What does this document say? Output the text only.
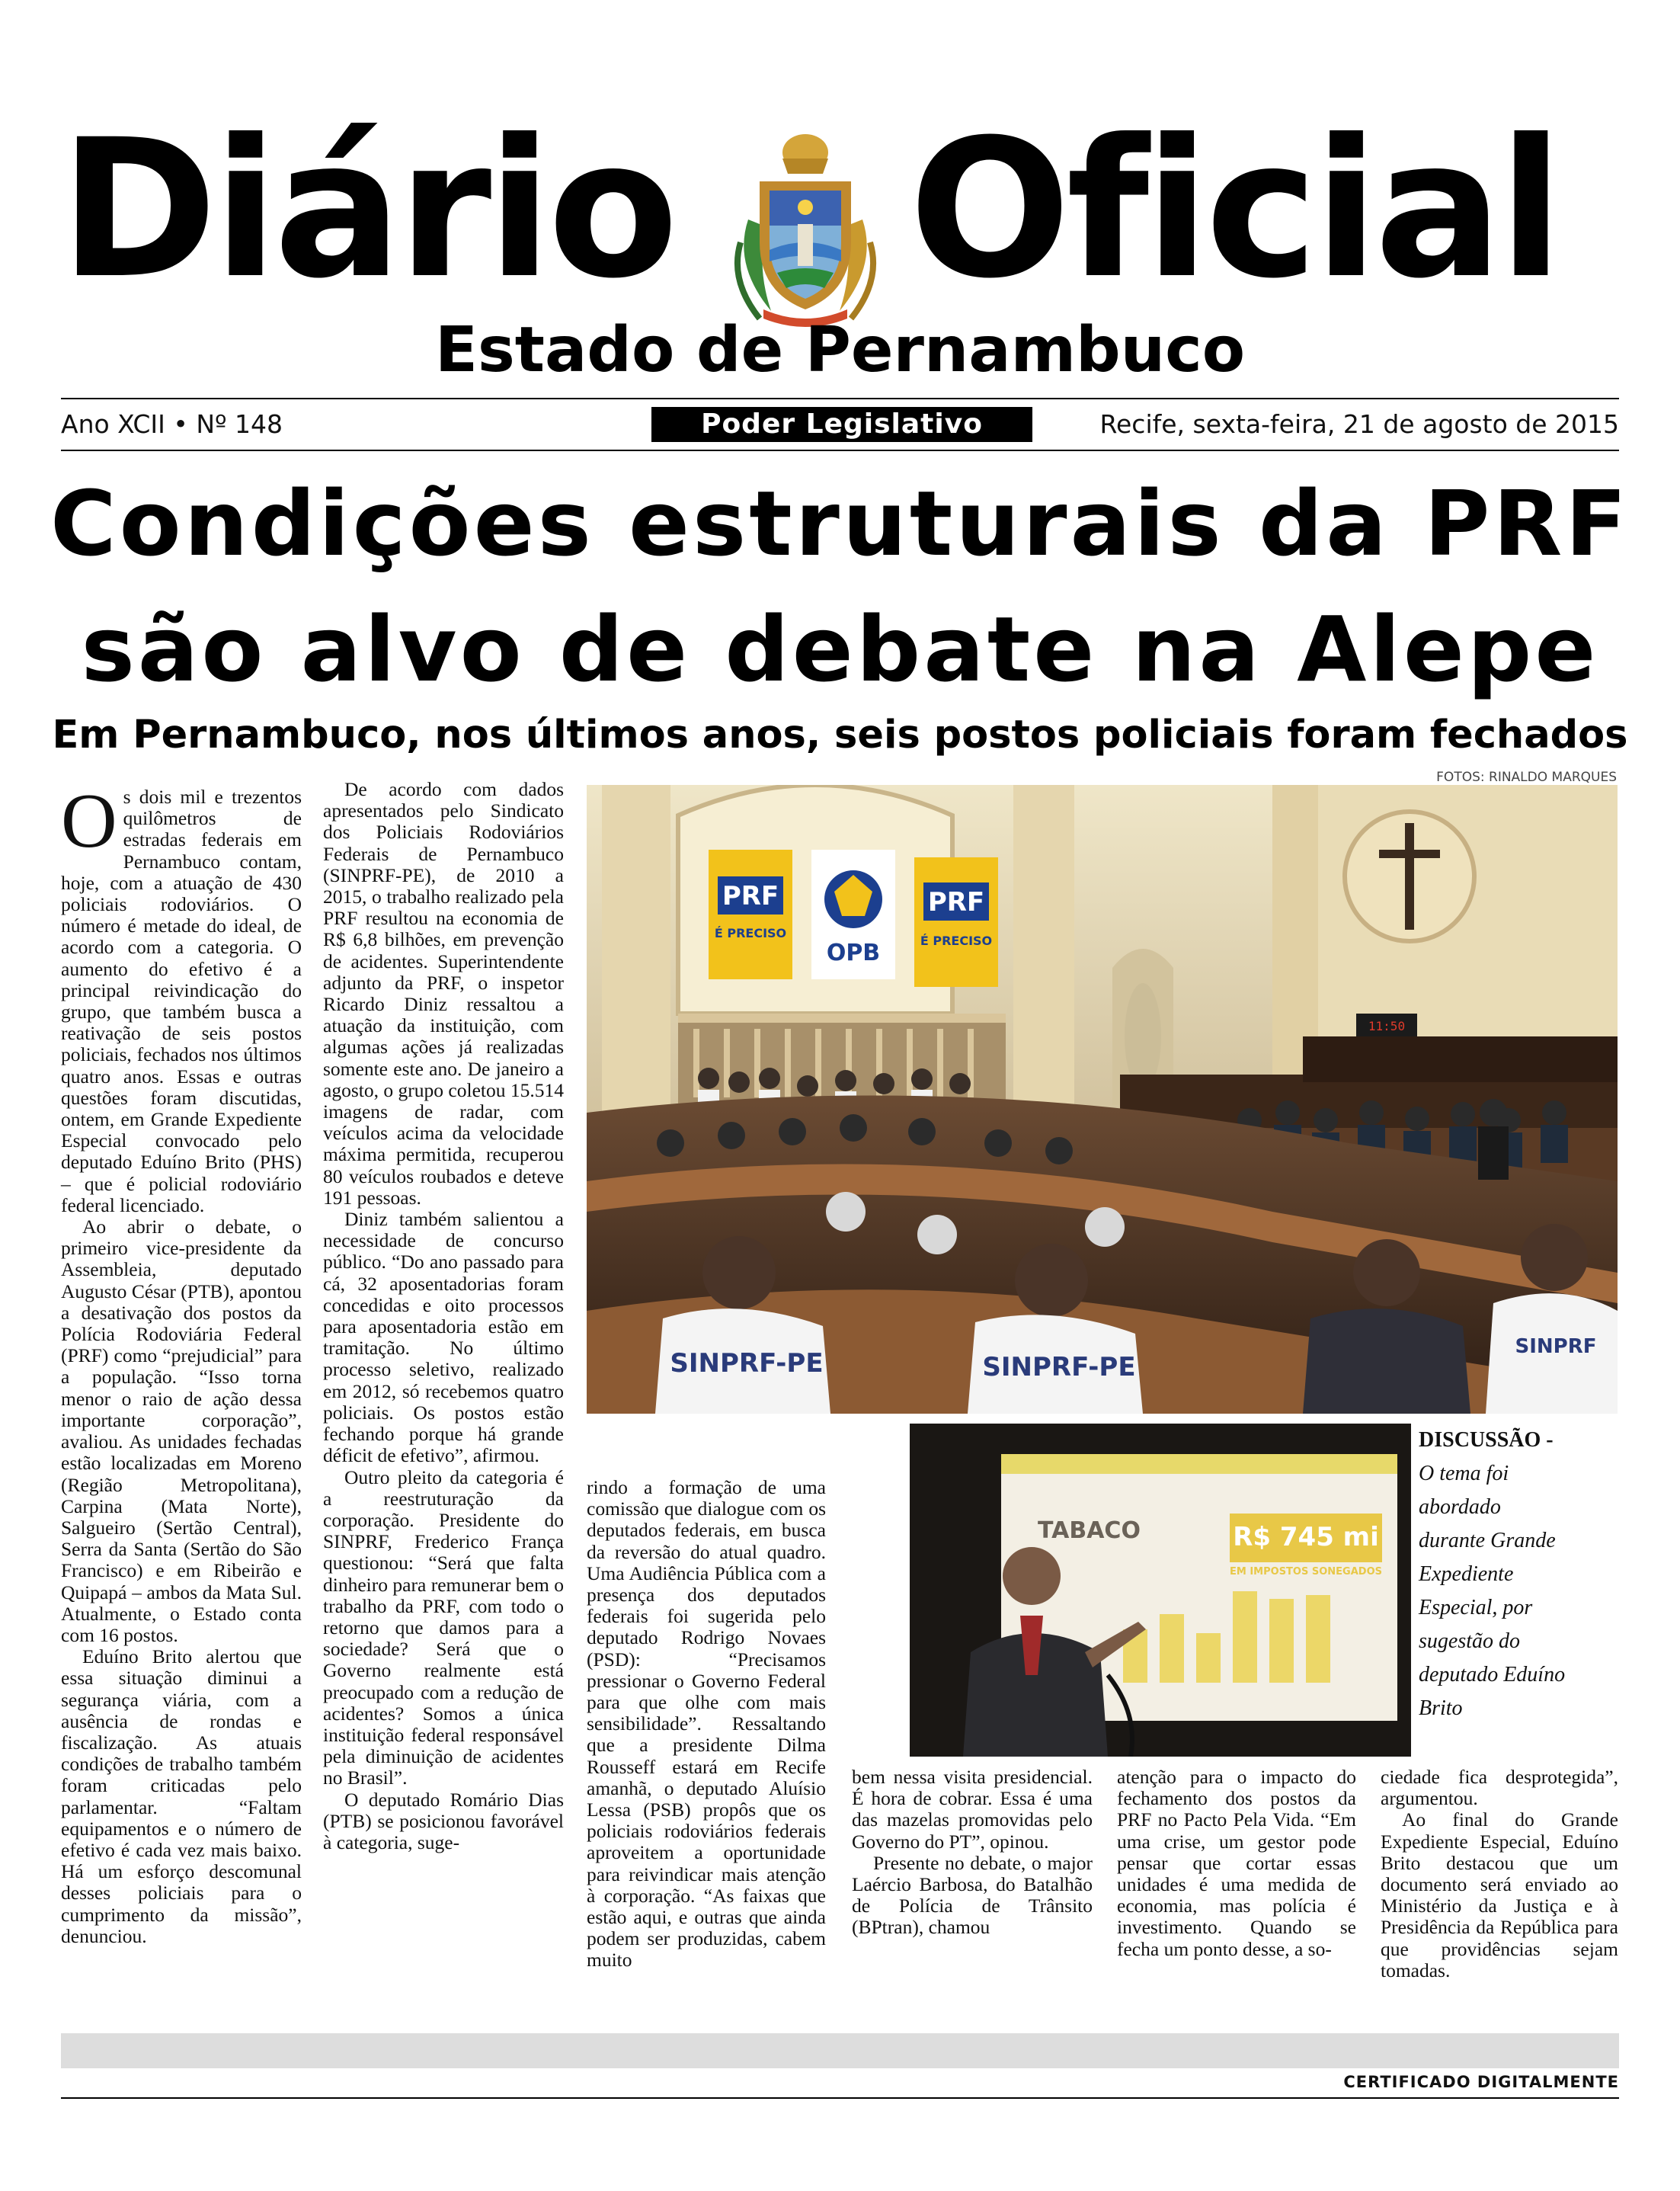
Diário Oficial
Estado de Pernambuco
Ano XCII • Nº 148	Poder Legislativo	Recife, sexta-feira, 21 de agosto de 2015
Condições estruturais da PRF
são alvo de debate na Alepe
Em Pernambuco, nos últimos anos, seis postos policiais foram fechados
FOTOS: RINALDO MARQUES

Os dois mil e trezentos quilômetros de estradas federais em Pernambuco contam, hoje, com a atuação de 430 policiais rodoviários. O número é metade do ideal, de acordo com a categoria. O aumento do efetivo é a principal reivindicação do grupo, que também busca a reativação de seis postos policiais, fechados nos últimos quatro anos. Essas e outras questões foram discutidas, ontem, em Grande Expediente Especial convocado pelo deputado Eduíno Brito (PHS) – que é policial rodoviário federal licenciado.

Ao abrir o debate, o primeiro vice-presidente da Assembleia, deputado Augusto César (PTB), apontou a desativação dos postos da Polícia Rodoviária Federal (PRF) como “prejudicial” para a população. “Isso torna menor o raio de ação dessa importante corporação”, avaliou. As unidades fechadas estão localizadas em Moreno (Região Metropolitana), Carpina (Mata Norte), Salgueiro (Sertão Central), Serra da Santa (Sertão do São Francisco) e em Ribeirão e Quipapá – ambos da Mata Sul. Atualmente, o Estado conta com 16 postos.

Eduíno Brito alertou que essa situação diminui a segurança viária, com a ausência de rondas e fiscalização. As atuais condições de trabalho também foram criticadas pelo parlamentar. “Faltam equipamentos e o número de efetivo é cada vez mais baixo. Há um esforço descomunal desses policiais para o cumprimento da missão”, denunciou.

De acordo com dados apresentados pelo Sindicato dos Policiais Rodoviários Federais de Pernambuco (SINPRF-PE), de 2010 a 2015, o trabalho realizado pela PRF resultou na economia de R$ 6,8 bilhões, em prevenção de acidentes. Superintendente adjunto da PRF, o inspetor Ricardo Diniz ressaltou a atuação da instituição, com algumas ações já realizadas somente este ano. De janeiro a agosto, o grupo coletou 15.514 imagens de radar, com veículos acima da velocidade máxima permitida, recuperou 80 veículos roubados e deteve 191 pessoas.

Diniz também salientou a necessidade de concurso público. “Do ano passado para cá, 32 aposentadorias foram concedidas e oito processos para aposentadoria estão em tramitação. No último processo seletivo, realizado em 2012, só recebemos quatro policiais. Os postos estão fechando porque há grande déficit de efetivo”, afirmou.

Outro pleito da categoria é a reestruturação da corporação. Presidente do SINPRF, Frederico França questionou: “Será que falta dinheiro para remunerar bem o trabalho da PRF, com todo o retorno que damos para a sociedade? Será que o Governo realmente está preocupado com a redução de acidentes? Somos a única instituição federal responsável pela diminuição de acidentes no Brasil”.

O deputado Romário Dias (PTB) se posicionou favorável à categoria, suge-

PRF
É PRECISO
OPB
PRF
É PRECISO
11:50
SINPRF-PE	SINPRF-PE
SINPRF
TABACO	R$ 745 mi
EM IMPOSTOS SONEGADOS
DISCUSSÃO -
O tema foi abordado durante Grande Expediente Especial, por sugestão do deputado Eduíno Brito

rindo a formação de uma comissão que dialogue com os deputados federais, em busca da reversão do atual quadro. Uma Audiência Pública com a presença dos deputados federais foi sugerida pelo deputado Rodrigo Novaes (PSD): “Precisamos pressionar o Governo Federal para que olhe com mais sensibilidade”. Ressaltando que a presidente Dilma Rousseff estará em Recife amanhã, o deputado Aluísio Lessa (PSB) propôs que os policiais rodoviários federais aproveitem a oportunidade para reivindicar mais atenção à corporação. “As faixas que estão aqui, e outras que ainda podem ser produzidas, cabem muito

bem nessa visita presidencial. É hora de cobrar. Essa é uma das mazelas promovidas pelo Governo do PT”, opinou.

Presente no debate, o major Laércio Barbosa, do Batalhão de Polícia de Trânsito (BPtran), chamou

atenção para o impacto do fechamento dos postos da PRF no Pacto Pela Vida. “Em uma crise, um gestor pode pensar que cortar essas unidades é uma medida de economia, mas polícia é investimento. Quando se fecha um ponto desse, a so-

ciedade fica desprotegida”, argumentou.

Ao final do Grande Expediente Especial, Eduíno Brito destacou que um documento será enviado ao Ministério da Justiça e à Presidência da República para que providências sejam tomadas.

CERTIFICADO DIGITALMENTE
